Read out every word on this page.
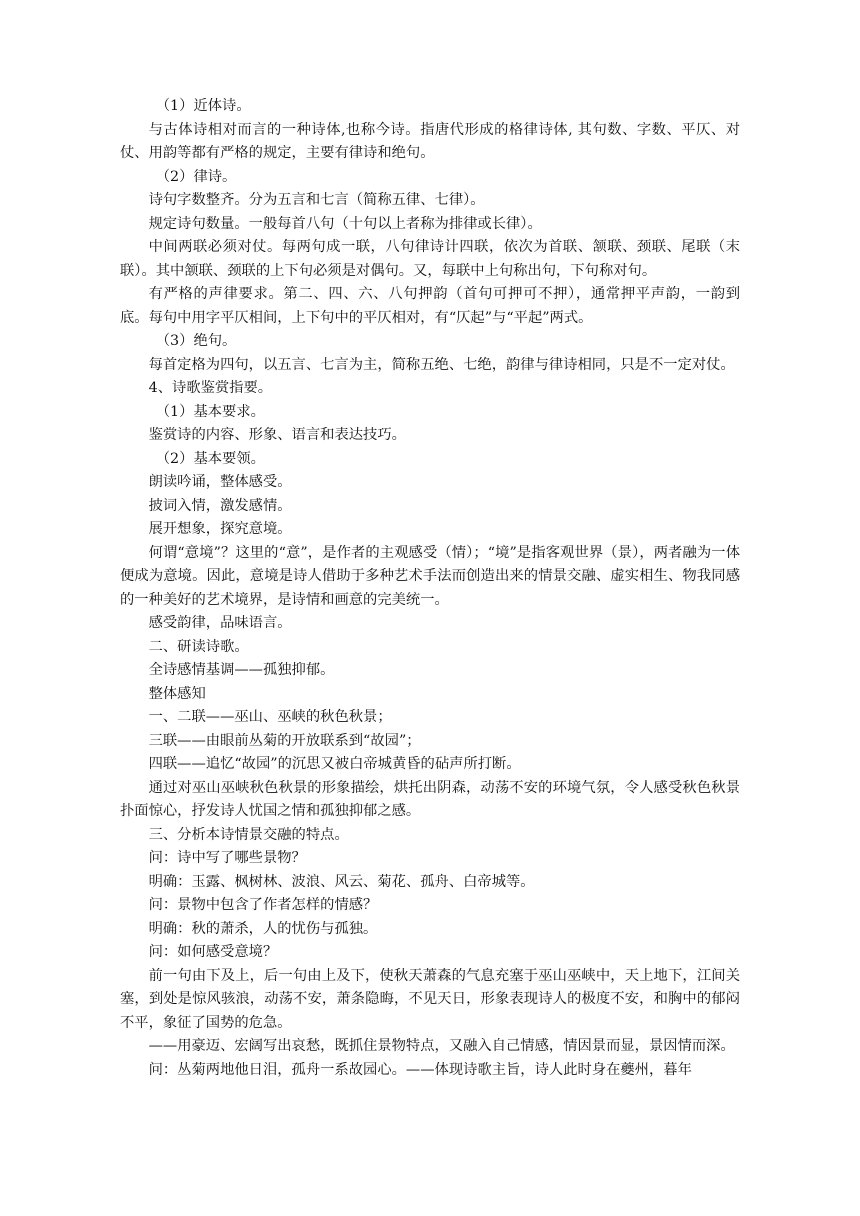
（1）近体诗。

与古体诗相对而言的一种诗体,也称今诗。指唐代形成的格律诗体, 其句数、字数、平仄、对仗、用韵等都有严格的规定，主要有律诗和绝句。

（2）律诗。

诗句字数整齐。分为五言和七言（简称五律、七律）。

规定诗句数量。一般每首八句（十句以上者称为排律或长律）。

中间两联必须对仗。每两句成一联，八句律诗计四联，依次为首联、颔联、颈联、尾联（末联）。其中颔联、颈联的上下句必须是对偶句。又，每联中上句称出句，下句称对句。

有严格的声律要求。第二、四、六、八句押韵（首句可押可不押），通常押平声韵，一韵到底。每句中用字平仄相间，上下句中的平仄相对，有“仄起”与“平起”两式。

（3）绝句。

每首定格为四句，以五言、七言为主，简称五绝、七绝，韵律与律诗相同，只是不一定对仗。

4、诗歌鉴赏指要。

（1）基本要求。

鉴赏诗的内容、形象、语言和表达技巧。

（2）基本要领。

朗读吟诵，整体感受。

披词入情，激发感情。

展开想象，探究意境。

何谓“意境”？这里的“意”，是作者的主观感受（情）；“境”是指客观世界（景），两者融为一体便成为意境。因此，意境是诗人借助于多种艺术手法而创造出来的情景交融、虚实相生、物我同感的一种美好的艺术境界，是诗情和画意的完美统一。

感受韵律，品味语言。

二、研读诗歌。

全诗感情基调——孤独抑郁。

整体感知

一、二联——巫山、巫峡的秋色秋景；

三联——由眼前丛菊的开放联系到“故园”；

四联——追忆“故园”的沉思又被白帝城黄昏的砧声所打断。

通过对巫山巫峡秋色秋景的形象描绘，烘托出阴森，动荡不安的环境气氛，令人感受秋色秋景扑面惊心，抒发诗人忧国之情和孤独抑郁之感。

三、分析本诗情景交融的特点。

问：诗中写了哪些景物？

明确：玉露、枫树林、波浪、风云、菊花、孤舟、白帝城等。

问：景物中包含了作者怎样的情感？

明确：秋的萧杀，人的忧伤与孤独。

问：如何感受意境？

前一句由下及上，后一句由上及下，使秋天萧森的气息充塞于巫山巫峡中，天上地下，江间关塞，到处是惊风骇浪，动荡不安，萧条隐晦，不见天日，形象表现诗人的极度不安，和胸中的郁闷不平，象征了国势的危急。

——用豪迈、宏阔写出哀愁，既抓住景物特点，又融入自己情感，情因景而显，景因情而深。

问：丛菊两地他日泪，孤舟一系故园心。——体现诗歌主旨，诗人此时身在夔州，暮年
